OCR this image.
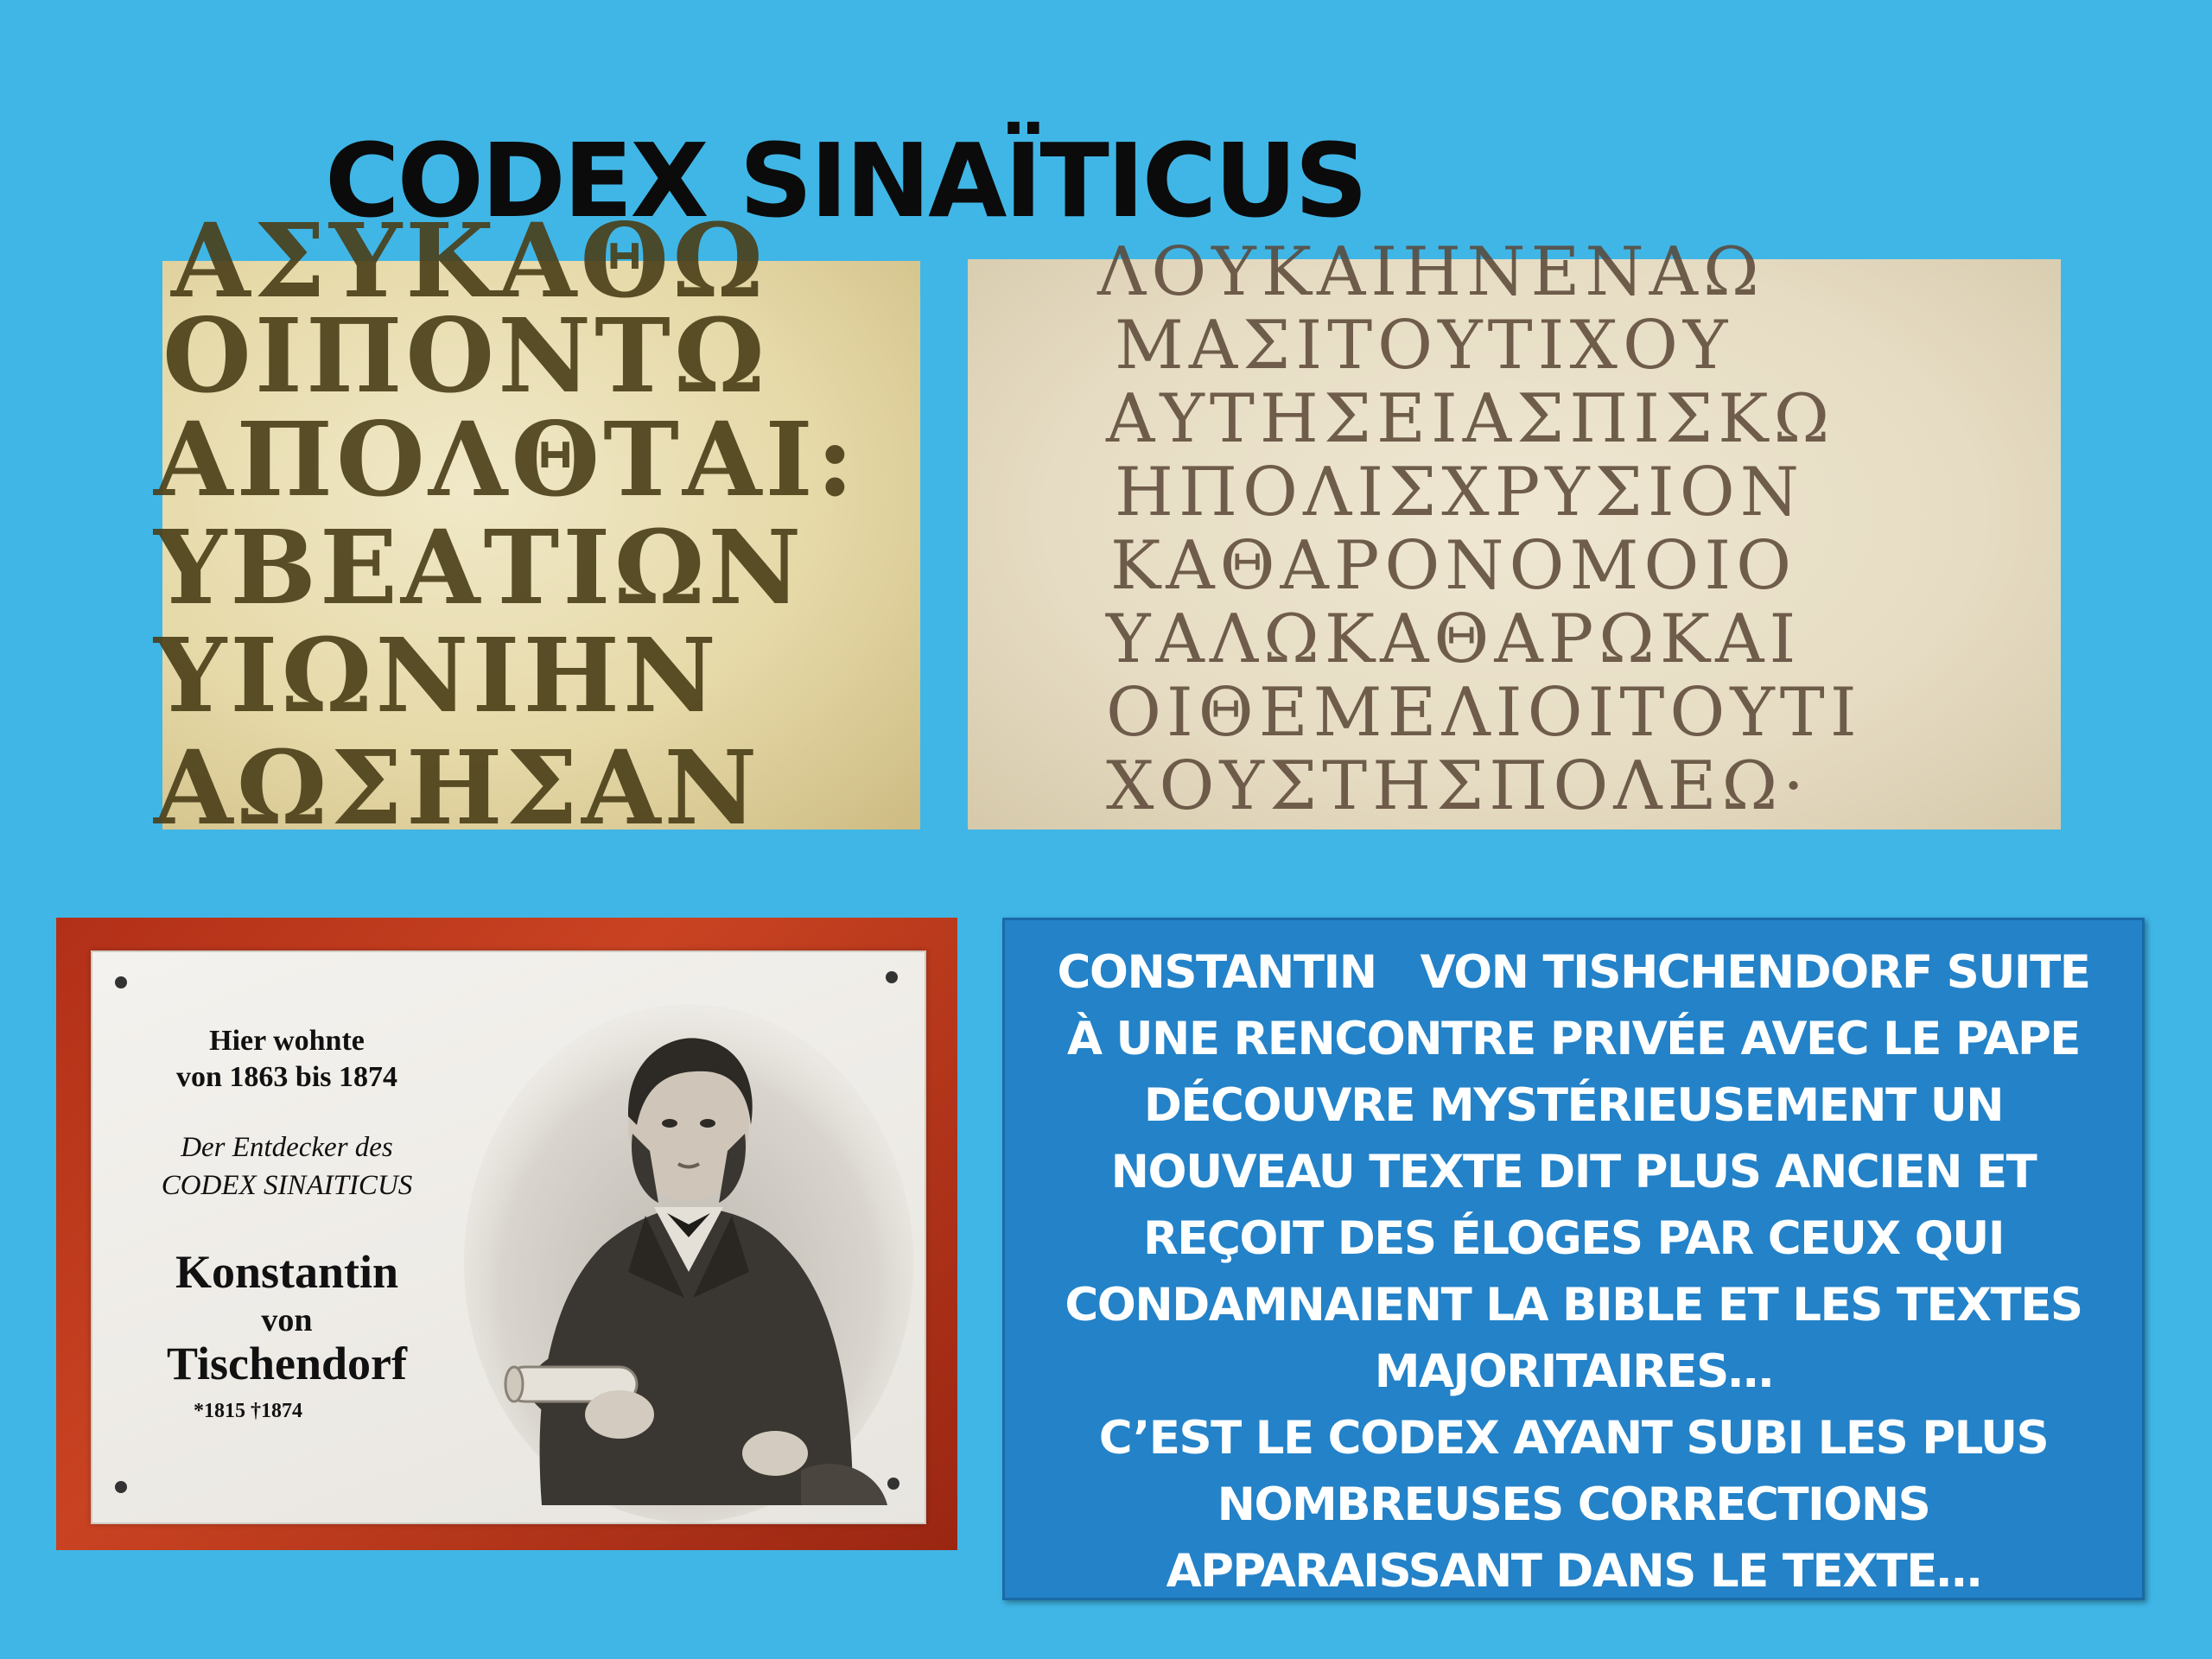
CODEX SINAÏTICUS
ΑΣΥΚΑΘΩ
ΟΙΠΟΝΤΩ
ΑΠΟΛΘΤΑΙ:
ΥΒΕΑΤΙΩΝ
ΥΙΩΝΙΗΝ
ΑΩΣΗΣΑΝ
ΛΟΥΚΑΙΗΝΕΝΑΩ
ΜΑΣΙΤΟΥΤΙΧΟΥ
ΑΥΤΗΣΕΙΑΣΠΙΣΚΩ
ΗΠΟΛΙΣΧΡΥΣΙΟΝ
ΚΑΘΑΡΟΝΟΜΟΙΟ
ΥΑΛΩΚΑΘΑΡΩΚΑΙ
ΟΙΘΕΜΕΛΙΟΙΤΟΥΤΙ
ΧΟΥΣΤΗΣΠΟΛΕΩ·
Hier wohnte
von 1863 bis 1874
Der Entdecker des
CODEX SINAITICUS
Konstantin
von
Tischendorf
*1815 †1874
CONSTANTIN   VON TISHCHENDORF SUITE
À UNE RENCONTRE PRIVÉE AVEC LE PAPE
DÉCOUVRE MYSTÉRIEUSEMENT UN
NOUVEAU TEXTE DIT PLUS ANCIEN ET
REÇOIT DES ÉLOGES PAR CEUX QUI
CONDAMNAIENT LA BIBLE ET LES TEXTES
MAJORITAIRES…
C’EST LE CODEX AYANT SUBI LES PLUS
NOMBREUSES CORRECTIONS
APPARAISSANT DANS LE TEXTE…
